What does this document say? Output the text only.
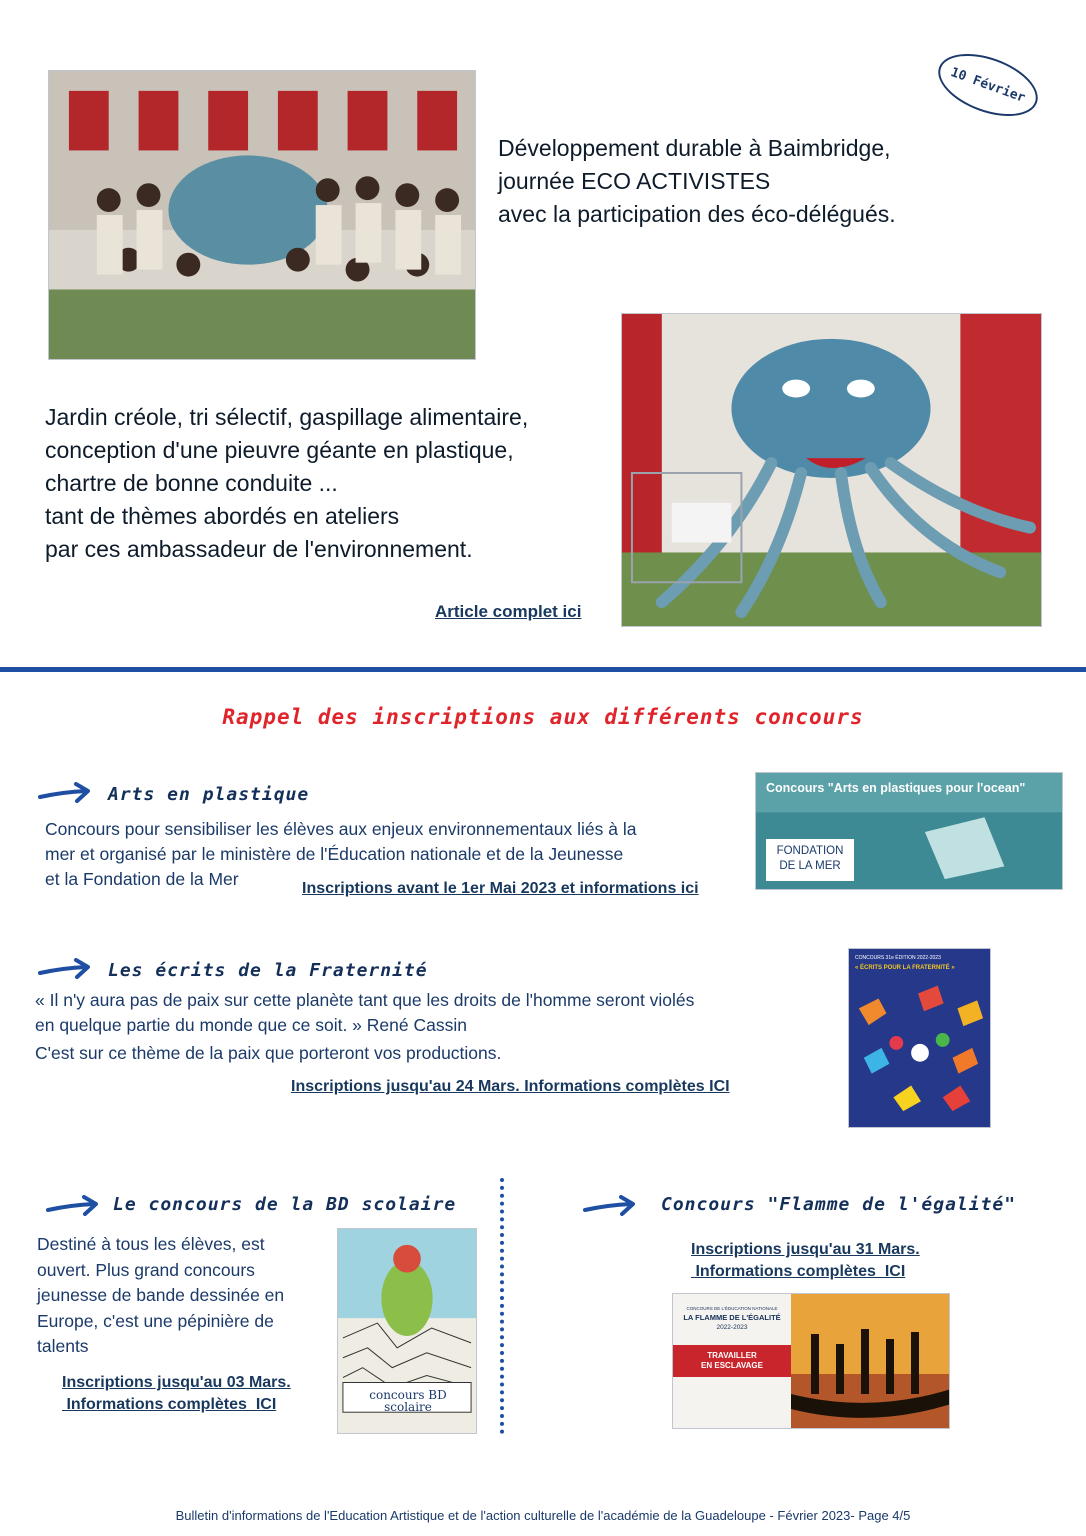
10 Février
Développement durable à Baimbridge,
journée ECO ACTIVISTES
avec la participation des éco-délégués.
Jardin créole, tri sélectif, gaspillage alimentaire,
conception d'une pieuvre géante en plastique,
chartre de bonne conduite ...
tant de thèmes abordés en ateliers
par ces ambassadeur de l'environnement.
Article complet ici
Rappel des inscriptions aux différents concours
Arts en plastique
Concours pour sensibiliser les élèves aux enjeux environnementaux liés à la
mer et organisé par le ministère de l'Éducation nationale et de la Jeunesse
et la Fondation de la Mer	Inscriptions avant le 1er Mai 2023 et informations ici
Concours "Arts en plastiques pour l'ocean"
FONDATION
DE LA MER
Les écrits de la Fraternité
« Il n'y aura pas de paix sur cette planète tant que les droits de l'homme seront violés
en quelque partie du monde que ce soit. » René Cassin
C'est sur ce thème de la paix que porteront vos productions.
Inscriptions jusqu'au 24 Mars. Informations complètes ICI
CONCOURS 31e ÉDITION 2022-2023
« ÉCRITS POUR LA FRATERNITÉ »
Le concours de la BD scolaire
Destiné à tous les élèves, est
ouvert. Plus grand concours
jeunesse de bande dessinée en
Europe, c'est une pépinière de
talents
Inscriptions jusqu'au 03 Mars.
Informations complètes  ICI
concours BD scolaire
Concours "Flamme de l'égalité"
Inscriptions jusqu'au 31 Mars.
Informations complètes  ICI
CONCOURS DE L'ÉDUCATION NATIONALE
LA FLAMME DE L'ÉGALITÉ
2022-2023
TRAVAILLER
EN ESCLAVAGE
Bulletin d'informations de l'Education Artistique et de l'action culturelle de l'académie de la Guadeloupe - Février 2023- Page 4/5
